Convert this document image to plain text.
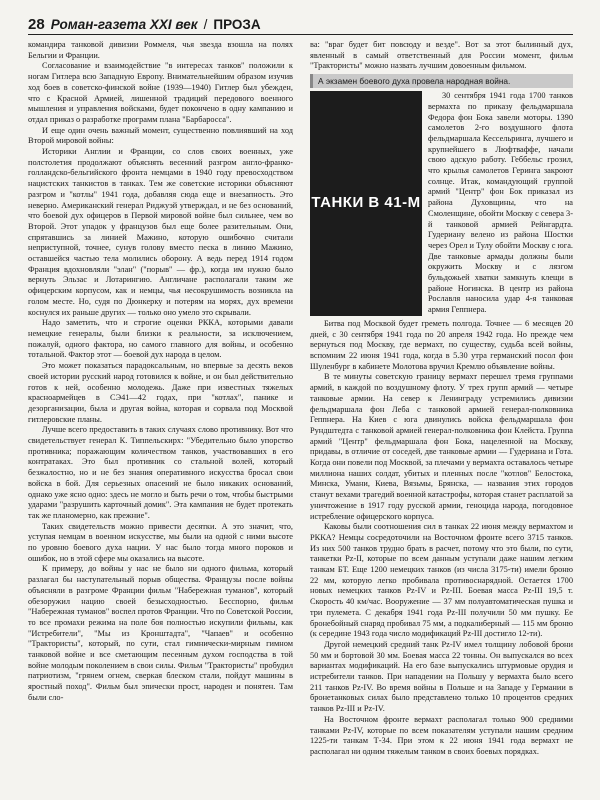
28 Роман-газета XXI век / ПРОЗА

командира танковой дивизии Роммеля, чья звезда взошла на полях Бельгии и Франции.

Согласование и взаимодействие "в интересах танков" положили к ногам Гитлера всю Западную Европу. Внимательнейшим образом изучив ход боев в советско-финской войне (1939—1940) Гитлер был убежден, что с Красной Армией, лишенной традиций передового военного мышления и управления войсками, будет покончено в одну кампанию и отдал приказ о разработке программ плана "Барбаросса".

И еще один очень важный момент, существенно повлиявший на ход Второй мировой войны:

Историки Англии и Франции, со слов своих военных, уже полстолетия продолжают объяснять весенний разгром англо-франко-голландско-бельгийского фронта немцами в 1940 году превосходством нацистских танкистов в танках. Тем же советские историки объясняют разгром и "котлы" 1941 года, добавляя сюда еще и внезапность. Это неверно. Американский генерал Риджуэй утверждал, и не без оснований, что боевой дух офицеров в Первой мировой войне был сильнее, чем во Второй. Этот упадок у французов был еще более разительным. Они, спрятавшись за линией Мажино, которую ошибочно считали неприступной, точнее, сунув голову вместо песка в линию Мажино, оставшейся частью тела молились оборону. А ведь перед 1914 годом Франция вдохновляли "элан" ("порыв" — фр.), когда им нужно было вернуть Эльзас и Лотарингию. Англичане располагали таким же офицерским корпусом, как и немцы, чья несокрушимость возникла на голом месте. Но, судя по Дюнкерку и потерям на морях, дух времени коснулся их раньше других — только оно умело это скрывали.

Надо заметить, что и строгие оценки РККА, которыми давали немецкие генералы, были близки к реальности, за исключением, пожалуй, одного фактора, но самого главного для войны, и особенно тотальной. Фактор этот — боевой дух народа в целом.

Это может показаться парадоксальным, но впервые за десять веков своей истории русский народ готовился к войне, и он был действительно готов к ней, особенно молодежь. Даже при известных тяжелых красноармейцев в СЭ41—42 годах, при "котлах", панике и дезорганизации, была и другая война, которая и сорвала под Москвой гитлеровские планы.

Лучше всего предоставить в таких случаях слово противнику. Вот что свидетельствует генерал К. Типпельскирх: "Убедительно было упорство противника; поражающим количеством танков, участвовавших в его контратаках. Это был противник со стальной волей, который безжалостно, но и не без знания оперативного искусства бросал свои войска в бой. Для серьезных опасений не было никаких оснований, однако уже ясно одно: здесь не могло и быть речи о том, чтобы быстрыми ударами "разрушить карточный домик". Эта кампания не будет протекать так же планомерно, как прежние".

Таких свидетельств можно привести десятки. А это значит, что, уступая немцам в военном искусстве, мы были на одной с ними высоте по уровню боевого духа нации. У нас было тогда много пороков и ошибок, но в этой сфере мы оказались на высоте.

К примеру, до войны у нас не было ни одного фильма, который разлагал бы наступательный порыв общества. Французы после войны объясняли в разгроме Франции фильм "Набережная туманов", который обезоружил нацию своей безысходностью. Бесспорно, фильм "Набережная туманов" воспел протов Франции. Что по Советской России, то все промахи режима на поле боя полностью искупили фильмы, как "Истребители", "Мы из Кронштадта", "Чапаев" и особенно "Трактористы", который, по сути, стал гимнически-мирным гимном танковой войне и все сметающим песенным духом господства в той войне молодым поколением в свои силы. Фильм "Трактористы" пробудил патриотизм, "грянем огнем, сверкая блеском стали, пойдут машины в яростный поход". Фильм был эпически прост, народен и понятен. Там были сло-

ва: "враг будет бит повсюду и везде". Вот за этот былинный дух, явленный в самый ответственный для России момент, фильм "Трактористы" можно назвать лучшим довоенным фильмом.

А экзамен боевого духа провела народная война.
ТАНКИ В 41-М

30 сентября 1941 года 1700 танков вермахта по приказу фельдмаршала Федора фон Бока завели моторы. 1390 самолетов 2-го воздушного флота фельдмаршала Кессельринга, лучшего и крупнейшего в Люфтваффе, начали свою адскую работу. Геббельс грозил, что крылья самолетов Геринга закроют солнце. Итак, командующий группой армий "Центр" фон Бок приказал из района Духовщины, что на Смоленщине, обойти Москву с севера 3-й танковой армией Рейнгардта. Гудериану велено из района Шостки через Орел и Тулу обойти Москву с юга. Две танковые армады должны были окружить Москву и с лязгом бульдожьей хватки замкнуть клещи в районе Ногинска. В центр из района Рославля наносила удар 4-я танковая армия Геппнера.

Битва под Москвой будет греметь полгода. Точнее — 6 месяцев 20 дней, с 30 сентября 1941 года по 20 апреля 1942 года. Но прежде чем вернуться под Москву, где вермахт, по существу, судьба всей войны, вспомним 22 июня 1941 года, когда в 5.30 утра германский посол фон Шуленбург в кабинете Молотова вручил Кремлю объявление войны.

В те минуты советскую границу вермахт перешел тремя группами армий, в каждой по воздушному флоту. У трех групп армий — четыре танковые армии. На север к Ленинграду устремились дивизии фельдмаршала фон Леба с танковой армией генерал-полковника Геппнера. На Киев с юга двинулись войска фельдмаршала фон Рундштедта с танковой армией генерал-полковника фон Клейста. Группа армий "Центр" фельдмаршала фон Бока, нацеленной на Москву, придавы, в отличие от соседей, две танковые армии — Гудериана и Гота. Когда они повели под Москвой, за плечами у вермахта оставалось четыре миллиона наших солдат, убитых и пленных после "котлов" Белостока, Минска, Умани, Киева, Вязьмы, Брянска, — названия этих городов станут вехами трагедий военной катастрофы, которая станет расплатой за уничтожение в 1917 году русской армии, геноцида народа, погодовное истребление офицерского корпуса.

Каковы были соотношения сил в танках 22 июня между вермахтом и РККА? Немцы сосредоточили на Восточном фронте всего 3715 танков. Из них 500 танков трудно брать в расчет, потому что это были, по сути, танкетки Pz-II, которые по всем данным уступали даже нашим легким танкам БТ. Еще 1200 немецких танков (из числа 3175-ти) имели броню 22 мм, которую легко пробивала противоснарядной. Остается 1700 новых немецких танков Pz-IV и Pz-III. Боевая масса Pz-III 19,5 т. Скорость 40 км/час. Вооружение — 37 мм полуавтоматическая пушка и три пулемета. С декабря 1941 года Pz-III получили 50 мм пушку. Ее бронебойный снаряд пробивал 75 мм, а подкалиберный — 115 мм броню (к середине 1943 года число модификаций Pz-III достигло 12-ти).

Другой немецкий средний танк Pz-IV имел толщину лобовой брони 50 мм и бортовой 30 мм. Боевая масса 22 тонны. Он выпускался во всех вариантах модификаций. На его базе выпускались штурмовые орудия и истребители танков. При нападении на Польшу у вермахта было всего 211 танков Pz-IV. Во время войны в Польше и на Западе у Германии в бронетанковых силах было представлено только 10 процентов средних танков Pz-III и Pz-IV.

На Восточном фронте вермахт располагал только 900 средними танками Pz-IV, которые по всем показателям уступали нашим средним 1225-ти танкам Т-34. При этом к 22 июня 1941 года вермахт не располагал ни одним тяжелым танком в своих боевых порядках.
